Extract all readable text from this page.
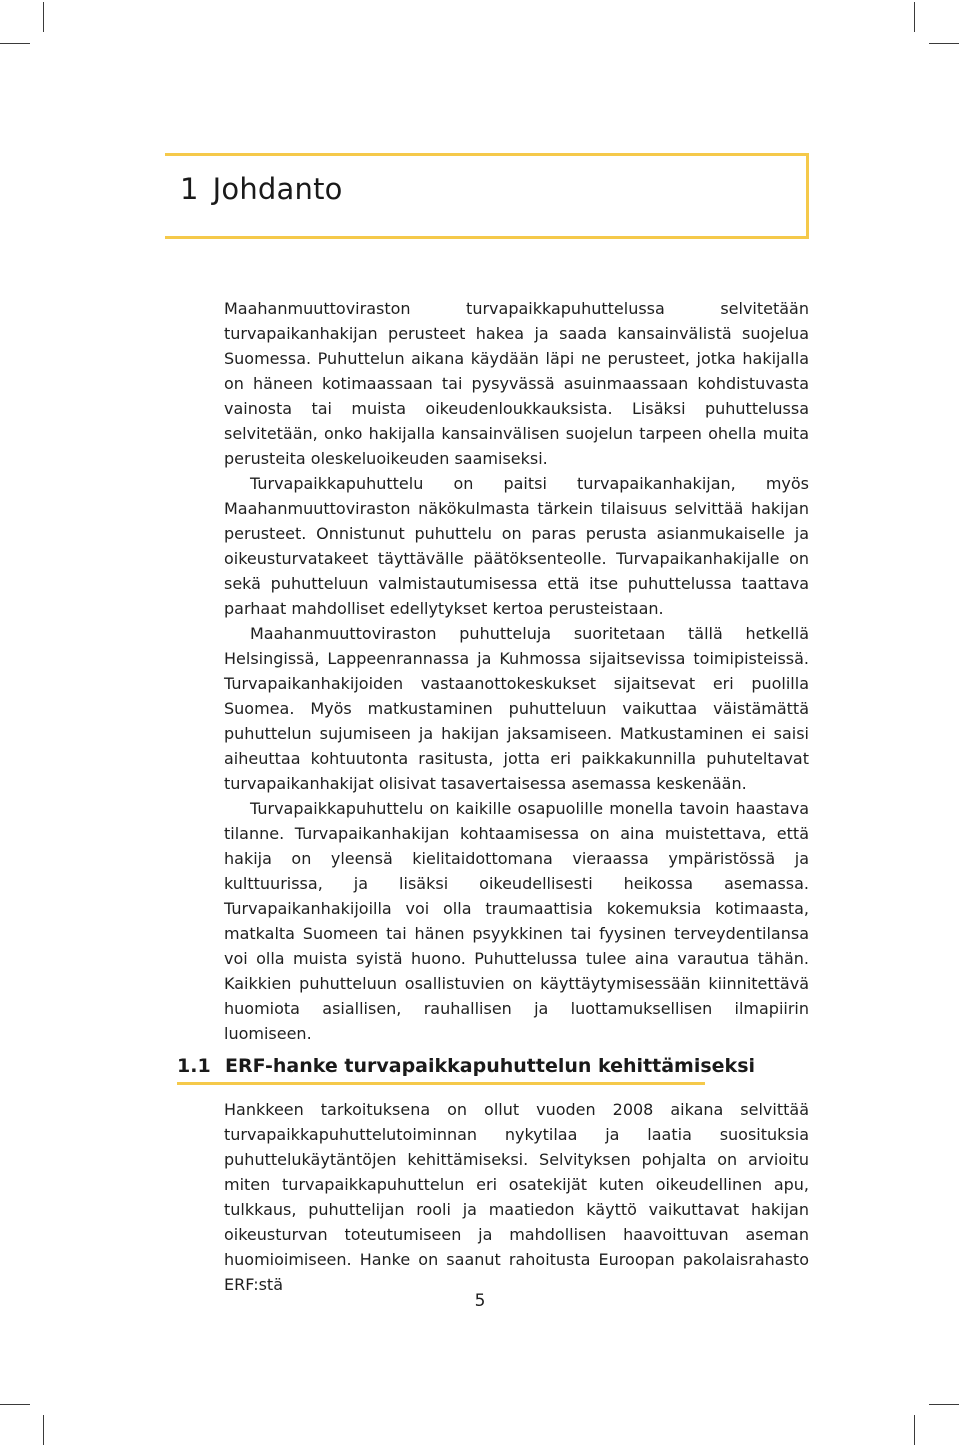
1 Johdanto

Maahanmuuttoviraston turvapaikkapuhuttelussa selvitetään turvapaikanhakijan perusteet hakea ja saada kansainvälistä suojelua Suomessa. Puhuttelun aikana käydään läpi ne perusteet, jotka hakijalla on häneen kotimaassaan tai pysyvässä asuinmaassaan kohdistuvasta vainosta tai muista oikeudenloukkauksista. Lisäksi puhuttelussa selvitetään, onko hakijalla kansainvälisen suojelun tarpeen ohella muita perusteita oleskeluoikeuden saamiseksi.

Turvapaikkapuhuttelu on paitsi turvapaikanhakijan, myös Maahanmuuttoviraston näkökulmasta tärkein tilaisuus selvittää hakijan perusteet. Onnistunut puhuttelu on paras perusta asianmukaiselle ja oikeusturvatakeet täyttävälle päätöksenteolle. Turvapaikanhakijalle on sekä puhutteluun valmistautumisessa että itse puhuttelussa taattava parhaat mahdolliset edellytykset kertoa perusteistaan.

Maahanmuuttoviraston puhutteluja suoritetaan tällä hetkellä Helsingissä, Lappeenrannassa ja Kuhmossa sijaitsevissa toimipisteissä. Turvapaikanhakijoiden vastaanottokeskukset sijaitsevat eri puolilla Suomea. Myös matkustaminen puhutteluun vaikuttaa väistämättä puhuttelun sujumiseen ja hakijan jaksamiseen. Matkustaminen ei saisi aiheuttaa kohtuutonta rasitusta, jotta eri paikkakunnilla puhuteltavat turvapaikanhakijat olisivat tasavertaisessa asemassa keskenään.

Turvapaikkapuhuttelu on kaikille osapuolille monella tavoin haastava tilanne. Turvapaikanhakijan kohtaamisessa on aina muistettava, että hakija on yleensä kielitaidottomana vieraassa ympäristössä ja kulttuurissa, ja lisäksi oikeudellisesti heikossa asemassa. Turvapaikanhakijoilla voi olla traumaattisia kokemuksia kotimaasta, matkalta Suomeen tai hänen psyykkinen tai fyysinen terveydentilansa voi olla muista syistä huono. Puhuttelussa tulee aina varautua tähän. Kaikkien puhutteluun osallistuvien on käyttäytymisessään kiinnitettävä huomiota asiallisen, rauhallisen ja luottamuksellisen ilmapiirin luomiseen.

1.1 ERF-hanke turvapaikkapuhuttelun kehittämiseksi

Hankkeen tarkoituksena on ollut vuoden 2008 aikana selvittää turvapaikkapuhuttelutoiminnan nykytilaa ja laatia suosituksia puhuttelukäytäntöjen kehittämiseksi. Selvityksen pohjalta on arvioitu miten turvapaikkapuhuttelun eri osatekijät kuten oikeudellinen apu, tulkkaus, puhuttelijan rooli ja maatiedon käyttö vaikuttavat hakijan oikeusturvan toteutumiseen ja mahdollisen haavoittuvan aseman huomioimiseen. Hanke on saanut rahoitusta Euroopan pakolaisrahasto ERF:stä

5
